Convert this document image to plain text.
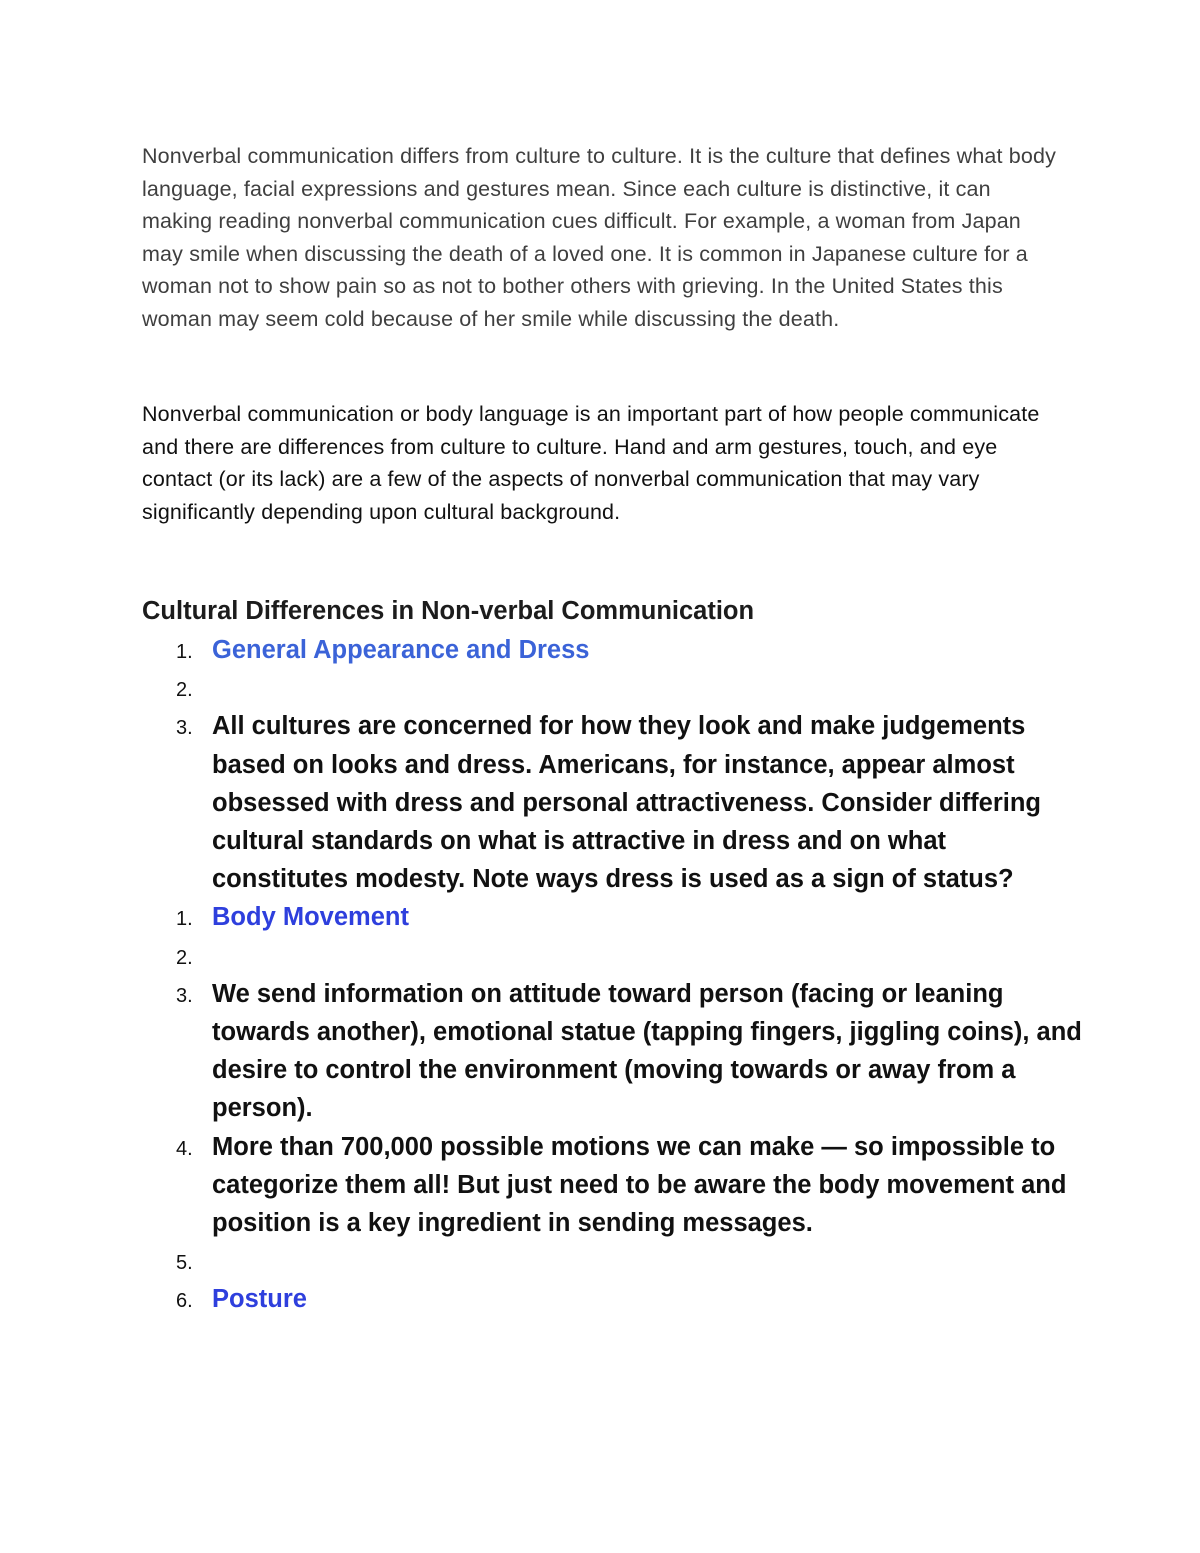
Nonverbal communication differs from culture to culture. It is the culture that defines what body language, facial expressions and gestures mean. Since each culture is distinctive, it can making reading nonverbal communication cues difficult. For example, a woman from Japan may smile when discussing the death of a loved one. It is common in Japanese culture for a woman not to show pain so as not to bother others with grieving. In the United States this woman may seem cold because of her smile while discussing the death.

Nonverbal communication or body language is an important part of how people communicate and there are differences from culture to culture. Hand and arm gestures, touch, and eye contact (or its lack) are a few of the aspects of nonverbal communication that may vary significantly depending upon cultural background.

Cultural Differences in Non-verbal Communication
1. General Appearance and Dress
2.
3. All cultures are concerned for how they look and make judgements based on looks and dress. Americans, for instance, appear almost obsessed with dress and personal attractiveness. Consider differing cultural standards on what is attractive in dress and on what constitutes modesty. Note ways dress is used as a sign of status?
1. Body Movement
2.
3. We send information on attitude toward person (facing or leaning towards another), emotional statue (tapping fingers, jiggling coins), and desire to control the environment (moving towards or away from a person).
4. More than 700,000 possible motions we can make — so impossible to categorize them all! But just need to be aware the body movement and position is a key ingredient in sending messages.
5.
6. Posture
